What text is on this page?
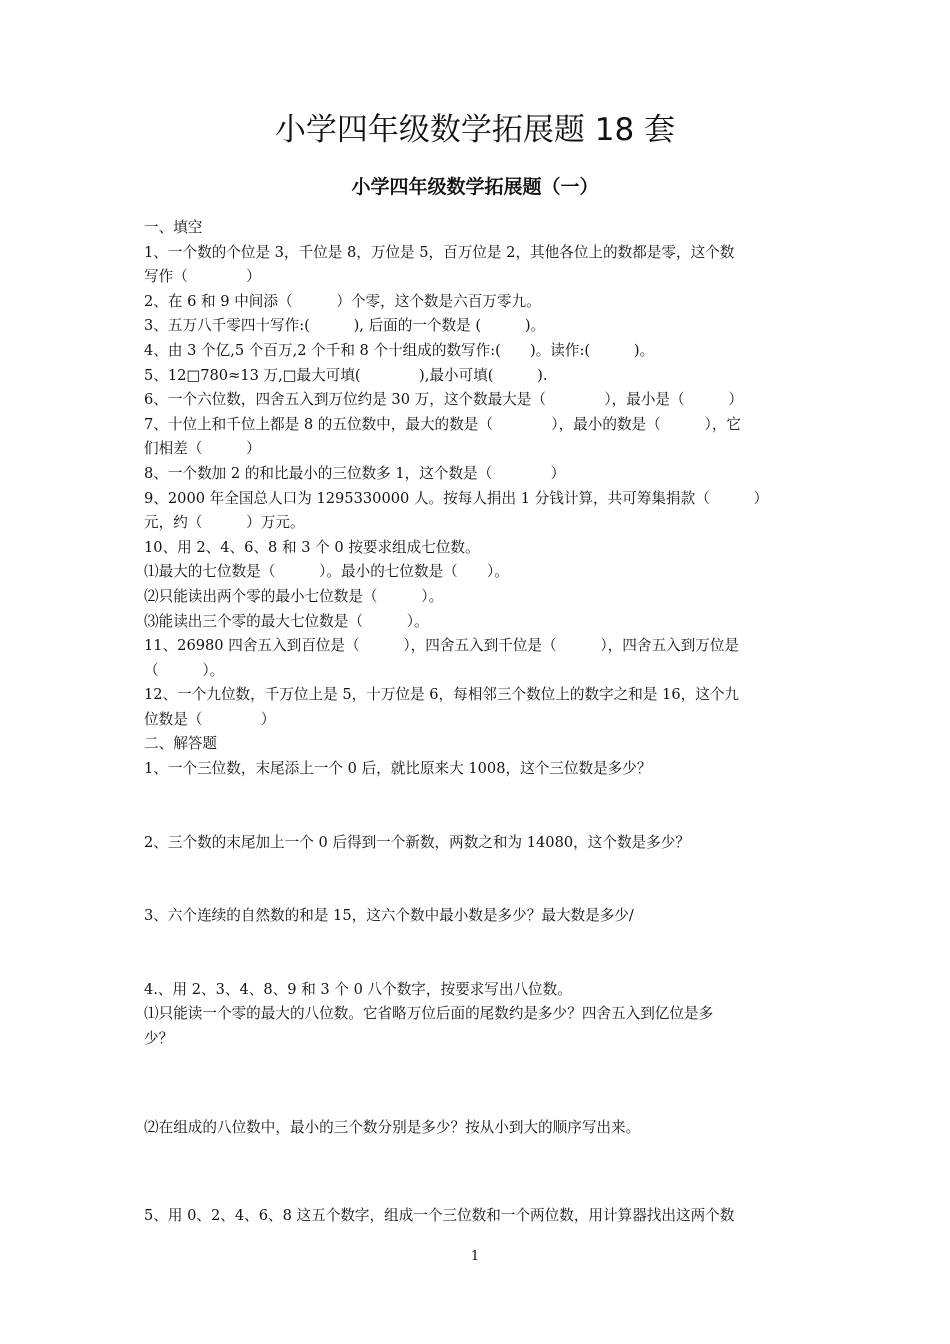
小学四年级数学拓展题 18 套
小学四年级数学拓展题（一）
一、填空
1、一个数的个位是 3，千位是 8，万位是 5，百万位是 2，其他各位上的数都是零，这个数
写作（　　　　）
2、在 6 和 9 中间添（　　　）个零，这个数是六百万零九。
3、五万八千零四十写作:(　　　), 后面的一个数是 (　　　)。
4、由 3 个亿,5 个百万,2 个千和 8 个十组成的数写作:(　　)。读作:(　　　)。
5、12□780≈13 万,□最大可填(　　　　),最小可填(　　　).
6、一个六位数，四舍五入到万位约是 30 万，这个数最大是（　　　　），最小是（　　　）
7、十位上和千位上都是 8 的五位数中，最大的数是（　　　　），最小的数是（　　　），它
们相差（　　　）
8、一个数加 2 的和比最小的三位数多 1，这个数是（　　　　）
9、2000 年全国总人口为 1295330000 人。按每人捐出 1 分钱计算，共可筹集捐款（　　　）
元，约（　　　）万元。
10、用 2、4、6、8 和 3 个 0 按要求组成七位数。
⑴最大的七位数是（　　　）。最小的七位数是（　　）。
⑵只能读出两个零的最小七位数是（　　　）。
⑶能读出三个零的最大七位数是（　　　）。
11、26980 四舍五入到百位是（　　　），四舍五入到千位是（　　　），四舍五入到万位是
（　　　）。
12、一个九位数，千万位上是 5，十万位是 6，每相邻三个数位上的数字之和是 16，这个九
位数是（　　　　）
二、解答题
1、一个三位数，末尾添上一个 0 后，就比原来大 1008，这个三位数是多少？
2、三个数的末尾加上一个 0 后得到一个新数，两数之和为 14080，这个数是多少？
3、六个连续的自然数的和是 15，这六个数中最小数是多少？最大数是多少/
4.、用 2、3、4、8、9 和 3 个 0 八个数字，按要求写出八位数。
⑴只能读一个零的最大的八位数。它省略万位后面的尾数约是多少？四舍五入到亿位是多
少？
⑵在组成的八位数中，最小的三个数分别是多少？按从小到大的顺序写出来。
5、用 0、2、4、6、8 这五个数字，组成一个三位数和一个两位数，用计算器找出这两个数
1
